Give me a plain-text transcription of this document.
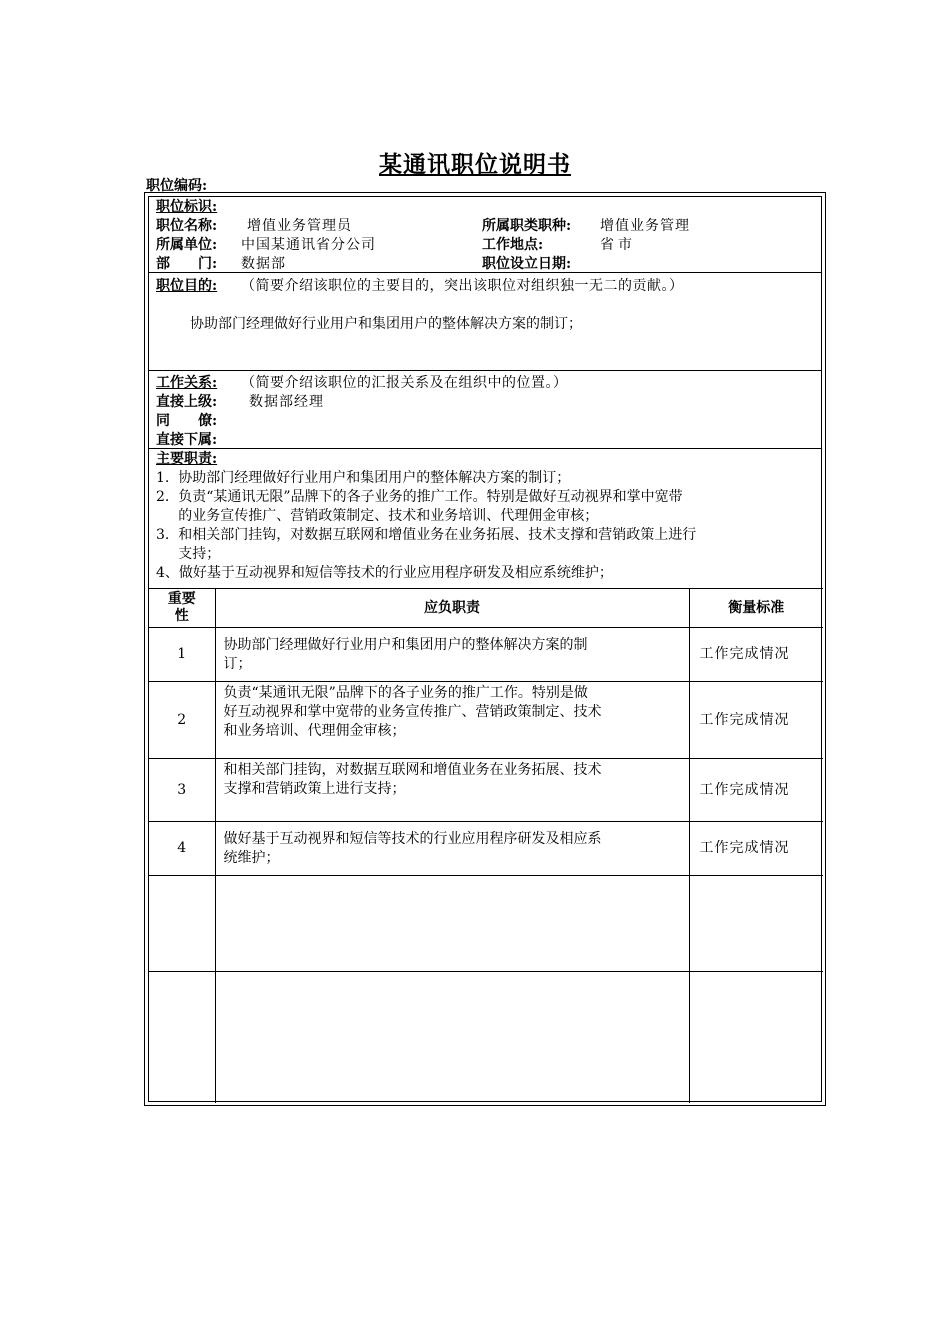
某通讯职位说明书
职位编码:
职位标识:
职位名称: 增值业务管理员	所属职类职种: 增值业务管理
所属单位: 中国某通讯省分公司	工作地点:	省市
部　　门: 数据部	职位设立日期:
职位目的: （简要介绍该职位的主要目的，突出该职位对组织独一无二的贡献。）
协助部门经理做好行业用户和集团用户的整体解决方案的制订；
工作关系: （简要介绍该职位的汇报关系及在组织中的位置。）
直接上级: 数据部经理
同　　僚:
直接下属:
主要职责:
1.  协助部门经理做好行业用户和集团用户的整体解决方案的制订；
2.  负责“某通讯无限”品牌下的各子业务的推广工作。特别是做好互动视界和掌中宽带
的业务宣传推广、营销政策制定、技术和业务培训、代理佣金审核；
3.  和相关部门挂钩，对数据互联网和增值业务在业务拓展、技术支撑和营销政策上进行
支持；
4、做好基于互动视界和短信等技术的行业应用程序研发及相应系统维护；
重要
性	应负职责	衡量标准
1	协助部门经理做好行业用户和集团用户的整体解决方案的制
订；	工作完成情况
2	负责“某通讯无限”品牌下的各子业务的推广工作。特别是做
好互动视界和掌中宽带的业务宣传推广、营销政策制定、技术
和业务培训、代理佣金审核；	工作完成情况
3	和相关部门挂钩，对数据互联网和增值业务在业务拓展、技术
支撑和营销政策上进行支持；	工作完成情况
4	做好基于互动视界和短信等技术的行业应用程序研发及相应系
统维护；	工作完成情况
